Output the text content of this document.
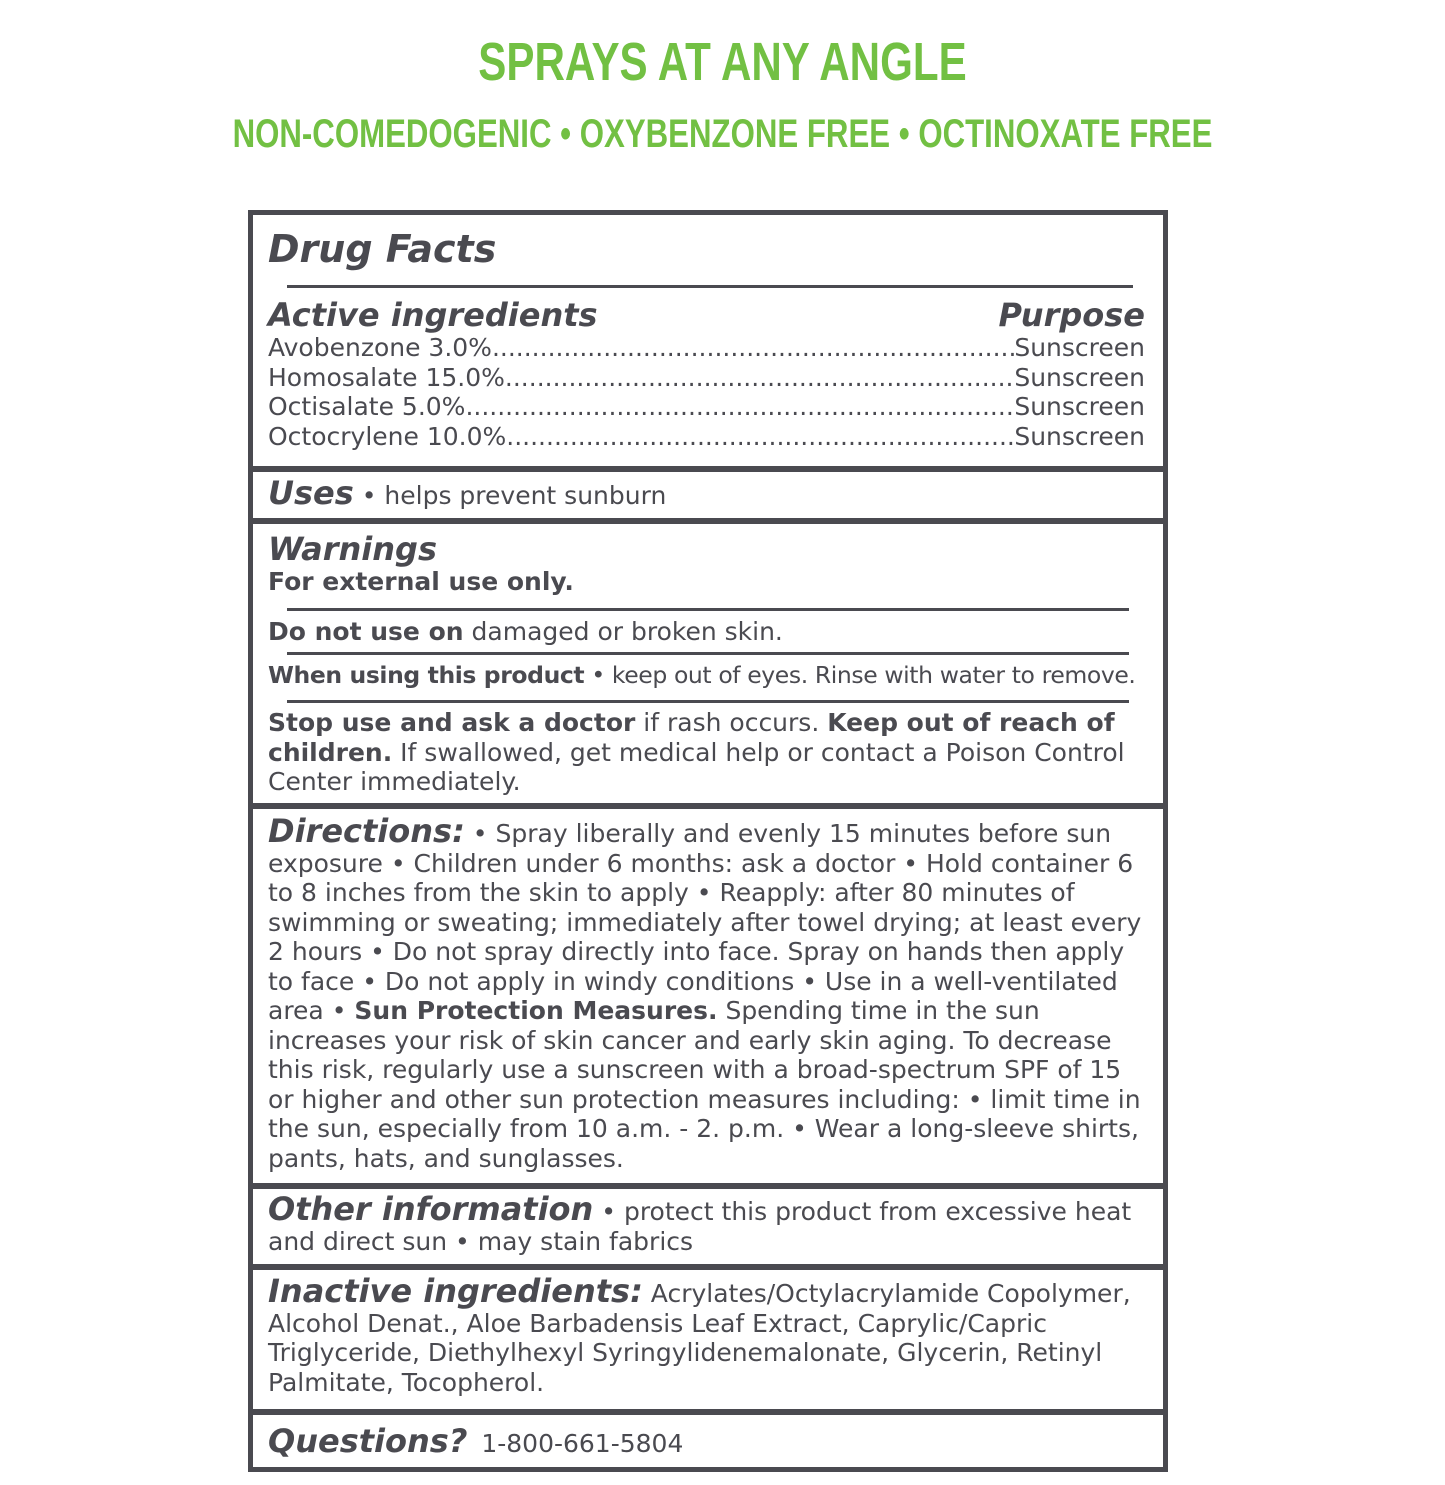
SPRAYS AT ANY ANGLE
NON-COMEDOGENIC • OXYBENZONE FREE • OCTINOXATE FREE
Drug Facts
Active ingredients	Purpose
Avobenzone 3.0% .....	Sunscreen
Homosalate 15.0% .....	Sunscreen
Octisalate 5.0% .....	Sunscreen
Octocrylene 10.0% .....	Sunscreen
Uses • helps prevent sunburn
Warnings
For external use only.
Do not use on damaged or broken skin.
When using this product • keep out of eyes. Rinse with water to remove.
Stop use and ask a doctor if rash occurs. Keep out of reach of children. If swallowed, get medical help or contact a Poison Control Center immediately.
Directions: • Spray liberally and evenly 15 minutes before sun exposure • Children under 6 months: ask a doctor • Hold container 6 to 8 inches from the skin to apply • Reapply: after 80 minutes of swimming or sweating; immediately after towel drying; at least every 2 hours • Do not spray directly into face. Spray on hands then apply to face • Do not apply in windy conditions • Use in a well-ventilated area • Sun Protection Measures. Spending time in the sun increases your risk of skin cancer and early skin aging. To decrease this risk, regularly use a sunscreen with a broad-spectrum SPF of 15 or higher and other sun protection measures including: • limit time in the sun, especially from 10 a.m. - 2. p.m. • Wear a long-sleeve shirts, pants, hats, and sunglasses.
Other information • protect this product from excessive heat and direct sun • may stain fabrics
Inactive ingredients: Acrylates/Octylacrylamide Copolymer, Alcohol Denat., Aloe Barbadensis Leaf Extract, Caprylic/Capric Triglyceride, Diethylhexyl Syringylidenemalonate, Glycerin, Retinyl Palmitate, Tocopherol.
Questions? 1-800-661-5804
